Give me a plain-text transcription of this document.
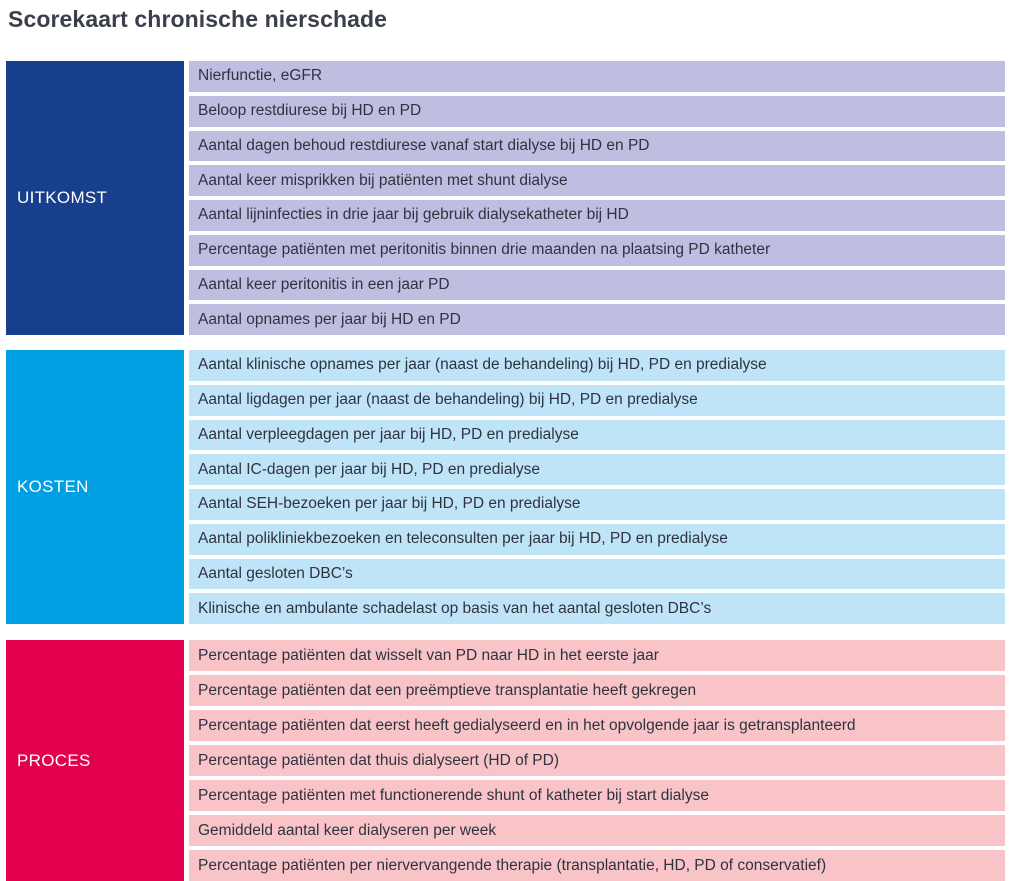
Scorekaart chronische nierschade
UITKOMST
Nierfunctie, eGFR
Beloop restdiurese bij HD en PD
Aantal dagen behoud restdiurese vanaf start dialyse bij HD en PD
Aantal keer misprikken bij patiënten met shunt dialyse
Aantal lijninfecties in drie jaar bij gebruik dialysekatheter bij HD
Percentage patiënten met peritonitis binnen drie maanden na plaatsing PD katheter
Aantal keer peritonitis in een jaar PD
Aantal opnames per jaar bij HD en PD
KOSTEN
Aantal klinische opnames per jaar (naast de behandeling) bij HD, PD en predialyse
Aantal ligdagen per jaar (naast de behandeling) bij HD, PD en predialyse
Aantal verpleegdagen per jaar bij HD, PD en predialyse
Aantal IC-dagen per jaar bij HD, PD en predialyse
Aantal SEH-bezoeken per jaar bij HD, PD en predialyse
Aantal polikliniekbezoeken en teleconsulten per jaar bij HD, PD en predialyse
Aantal gesloten DBC’s
Klinische en ambulante schadelast op basis van het aantal gesloten DBC’s
PROCES
Percentage patiënten dat wisselt van PD naar HD in het eerste jaar
Percentage patiënten dat een preëmptieve transplantatie heeft gekregen
Percentage patiënten dat eerst heeft gedialyseerd en in het opvolgende jaar is getransplanteerd
Percentage patiënten dat thuis dialyseert (HD of PD)
Percentage patiënten met functionerende shunt of katheter bij start dialyse
Gemiddeld aantal keer dialyseren per week
Percentage patiënten per niervervangende therapie (transplantatie, HD, PD of conservatief)
